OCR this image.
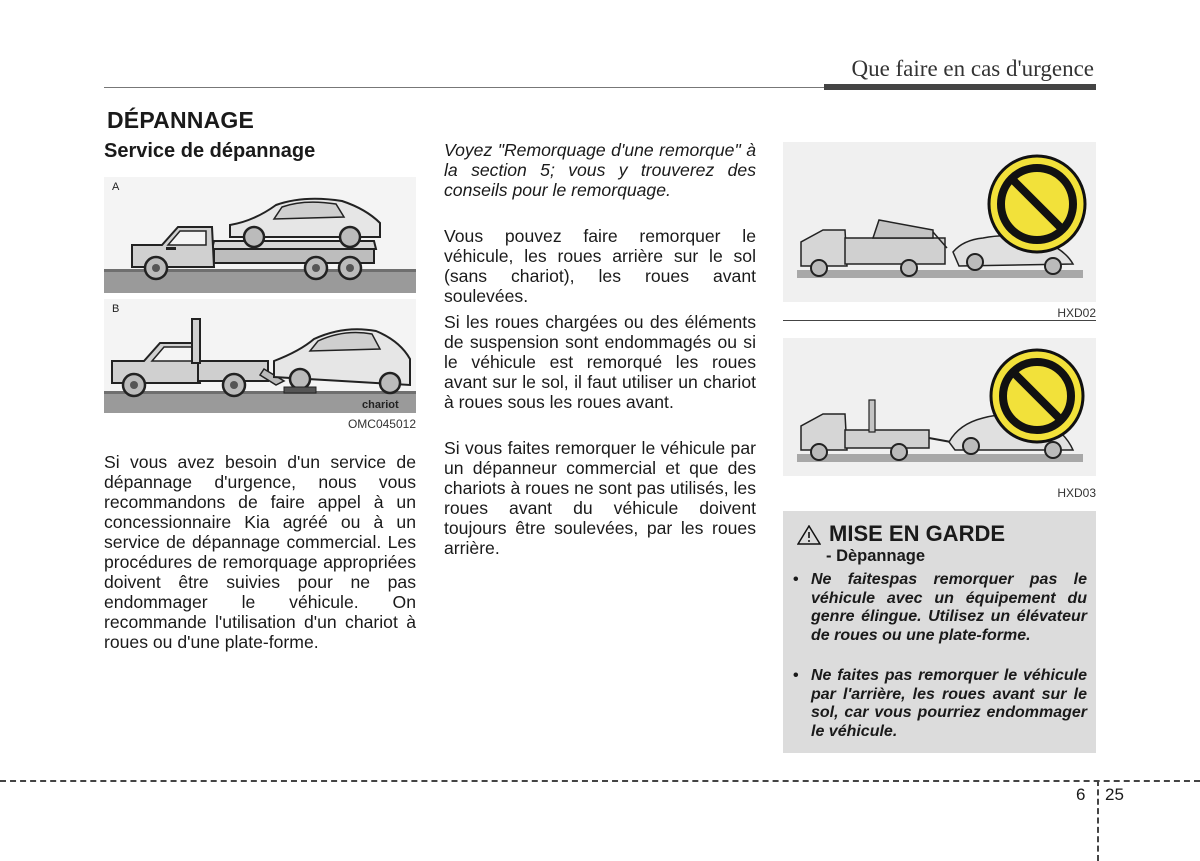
Que faire en cas d'urgence
DÉPANNAGE
Service de dépannage
A
B
chariot
OMC045012
Si vous avez besoin d'un service de dépannage d'urgence, nous vous recommandons de faire appel à un concessionnaire Kia agréé ou à un service de dépannage commercial. Les procédures de remorquage appropriées doivent être suivies pour ne pas endommager le véhicule. On recommande l'utilisation d'un chariot à roues ou d'une plate-forme.
Voyez "Remorquage d'une remorque" à la section 5; vous y trouverez des conseils pour le remorquage.
Vous pouvez faire remorquer le véhicule, les roues arrière sur le sol (sans chariot), les roues avant soulevées.
Si les roues chargées ou des éléments de suspension sont endommagés ou si le véhicule est remorqué les roues avant sur le sol, il faut utiliser un chariot à roues sous les roues avant.
Si vous faites remorquer le véhicule par un dépanneur commercial et que des chariots à roues ne sont pas utilisés, les roues avant du véhicule doivent toujours être soulevées, par les roues arrière.
HXD02
HXD03
MISE EN GARDE
- Dèpannage
• Ne faitespas remorquer pas le véhicule avec un équipement du genre élingue. Utilisez un élévateur de roues ou une plate-forme.
• Ne faites pas remorquer le véhicule par l'arrière, les roues avant sur le sol, car vous pourriez endommager le véhicule.
6 25
